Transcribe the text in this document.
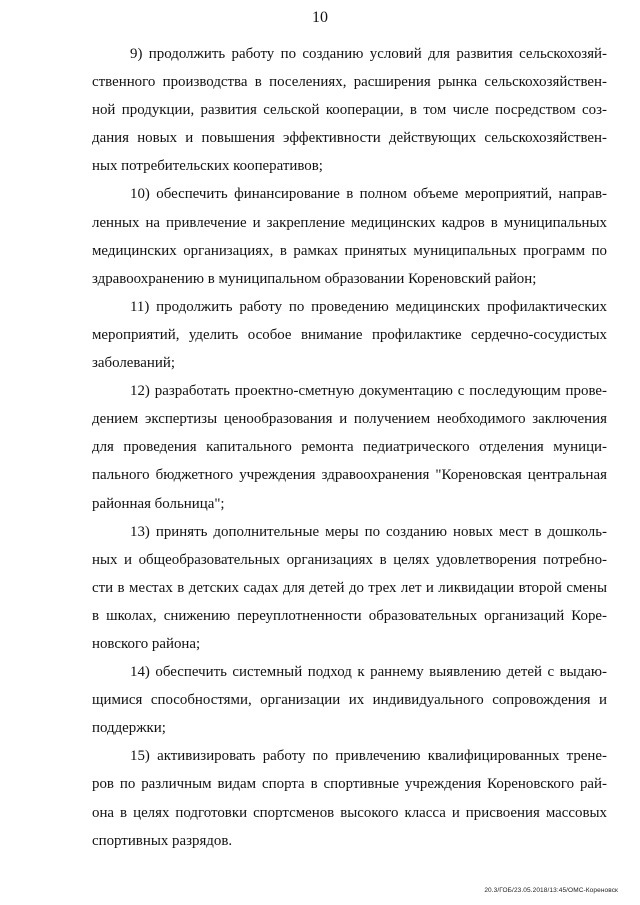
10
9) продолжить работу по созданию условий для развития сельскохозяй-
ственного производства в поселениях, расширения рынка сельскохозяйствен-
ной продукции, развития сельской кооперации, в том числе посредством соз-
дания новых и повышения эффективности действующих сельскохозяйствен-
ных потребительских кооперативов;
10) обеспечить финансирование в полном объеме мероприятий, направ-
ленных на привлечение и закрепление медицинских кадров в муниципальных
медицинских организациях, в рамках принятых муниципальных программ по
здравоохранению в муниципальном образовании Кореновский район;
11) продолжить работу по проведению медицинских профилактических
мероприятий, уделить особое внимание профилактике сердечно-сосудистых
заболеваний;
12) разработать проектно-сметную документацию с последующим прове-
дением экспертизы ценообразования и получением необходимого заключения
для проведения капитального ремонта педиатрического отделения муници-
пального бюджетного учреждения здравоохранения "Кореновская центральная
районная больница";
13) принять дополнительные меры по созданию новых мест в дошколь-
ных и общеобразовательных организациях в целях удовлетворения потребно-
сти в местах в детских садах для детей до трех лет и ликвидации второй смены
в школах, снижению переуплотненности образовательных организаций Коре-
новского района;
14) обеспечить системный подход к раннему выявлению детей с выдаю-
щимися способностями, организации их индивидуального сопровождения и
поддержки;
15) активизировать работу по привлечению квалифицированных трене-
ров по различным видам спорта в спортивные учреждения Кореновского рай-
она в целях подготовки спортсменов высокого класса и присвоения массовых
спортивных разрядов.
20.3/ГОБ/23.05.2018/13:45/ОМС-Кореновск
